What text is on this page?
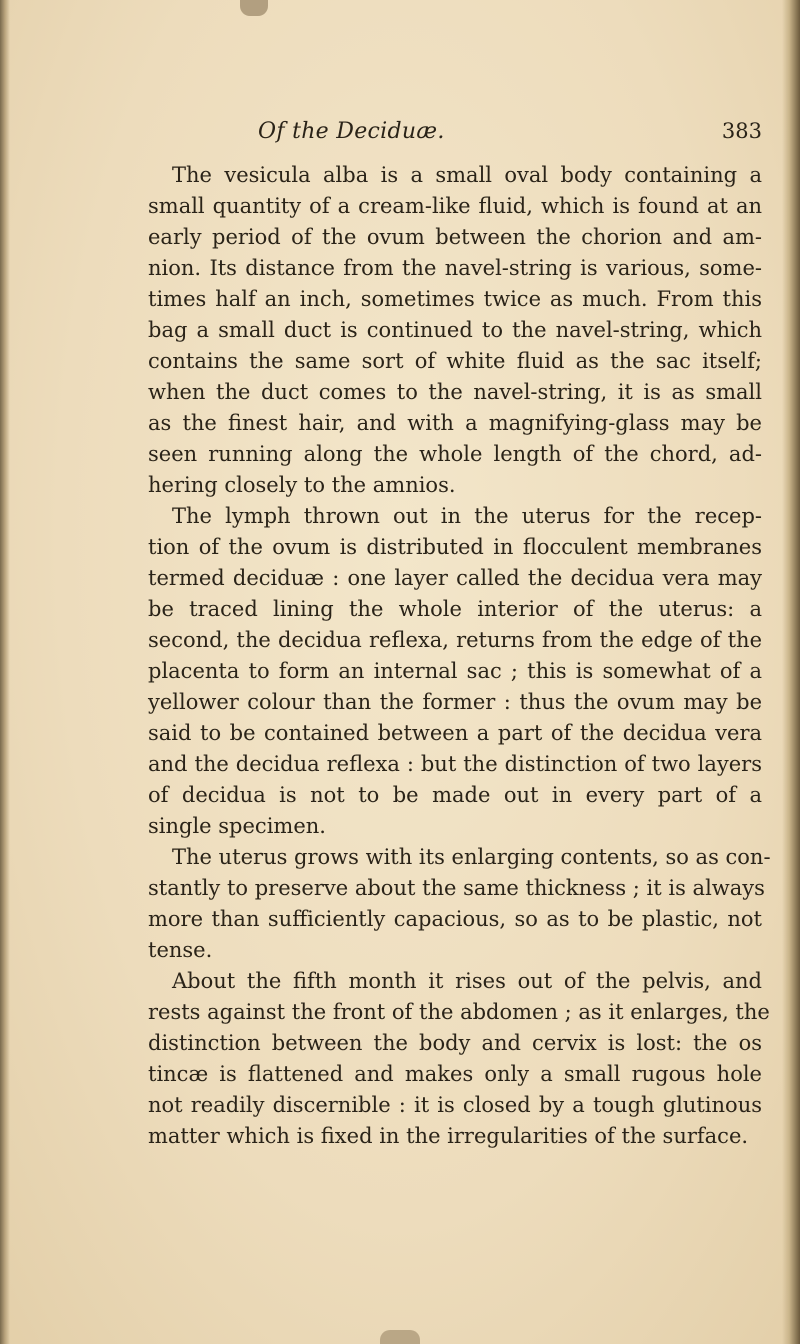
Of the Deciduæ.	383
The vesicula alba is a small oval body containing a
small quantity of a cream-like fluid, which is found at an
early period of the ovum between the chorion and am-
nion. Its distance from the navel-string is various, some-
times half an inch, sometimes twice as much. From this
bag a small duct is continued to the navel-string, which
contains the same sort of white fluid as the sac itself;
when the duct comes to the navel-string, it is as small
as the finest hair, and with a magnifying-glass may be
seen running along the whole length of the chord, ad-
hering closely to the amnios.
The lymph thrown out in the uterus for the recep-
tion of the ovum is distributed in flocculent membranes
termed deciduæ : one layer called the decidua vera may
be traced lining the whole interior of the uterus: a
second, the decidua reflexa, returns from the edge of the
placenta to form an internal sac ; this is somewhat of a
yellower colour than the former : thus the ovum may be
said to be contained between a part of the decidua vera
and the decidua reflexa : but the distinction of two layers
of decidua is not to be made out in every part of a
single specimen.
The uterus grows with its enlarging contents, so as con-
stantly to preserve about the same thickness ; it is always
more than sufficiently capacious, so as to be plastic, not
tense.
About the fifth month it rises out of the pelvis, and
rests against the front of the abdomen ; as it enlarges, the
distinction between the body and cervix is lost: the os
tincæ is flattened and makes only a small rugous hole
not readily discernible : it is closed by a tough glutinous
matter which is fixed in the irregularities of the surface.
